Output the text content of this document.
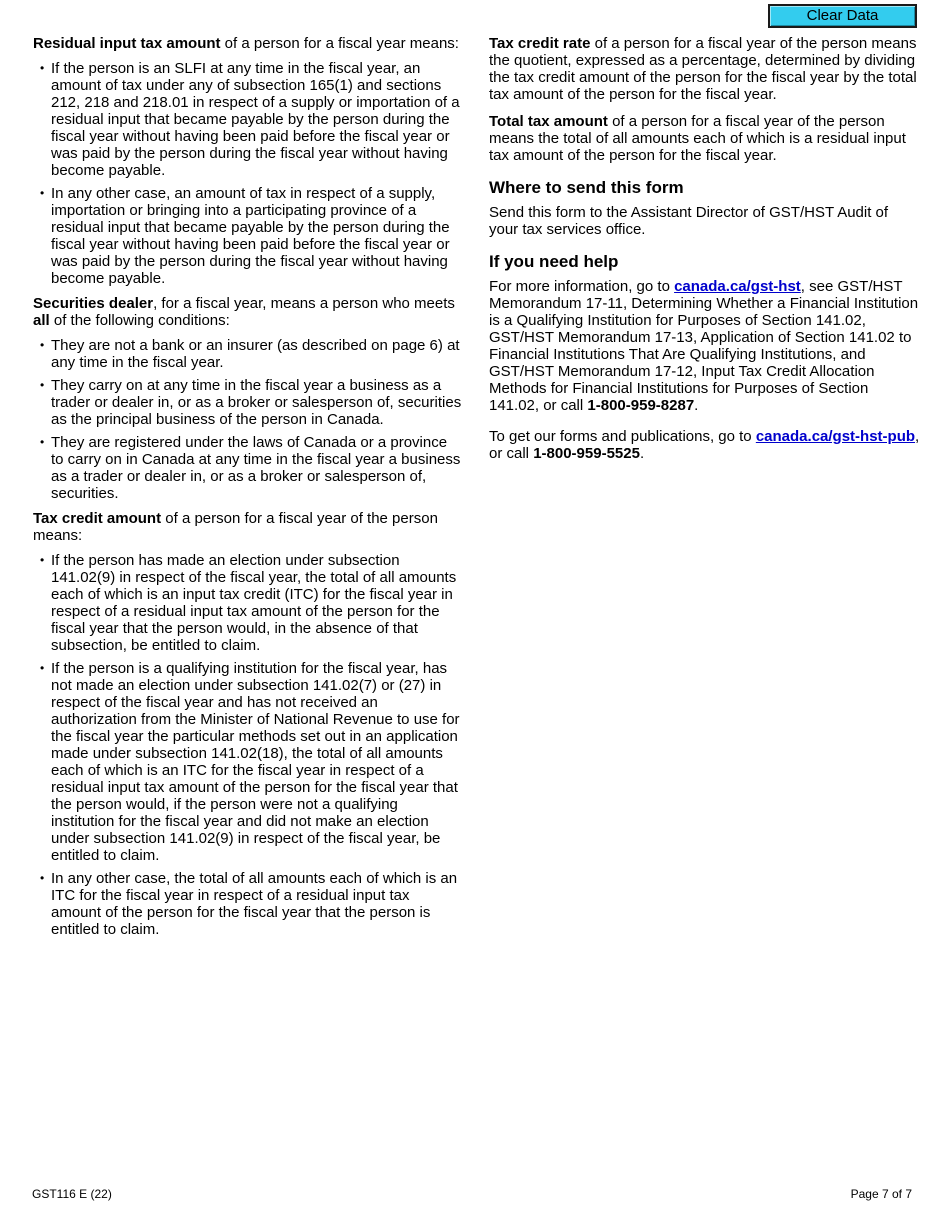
Clear Data

Residual input tax amount of a person for a fiscal year means:

• If the person is an SLFI at any time in the fiscal year, an amount of tax under any of subsection 165(1) and sections 212, 218 and 218.01 in respect of a supply or importation of a residual input that became payable by the person during the fiscal year without having been paid before the fiscal year or was paid by the person during the fiscal year without having become payable.
• In any other case, an amount of tax in respect of a supply, importation or bringing into a participating province of a residual input that became payable by the person during the fiscal year without having been paid before the fiscal year or was paid by the person during the fiscal year without having become payable.

Securities dealer, for a fiscal year, means a person who meets all of the following conditions:

• They are not a bank or an insurer (as described on page 6) at any time in the fiscal year.
• They carry on at any time in the fiscal year a business as a trader or dealer in, or as a broker or salesperson of, securities as the principal business of the person in Canada.
• They are registered under the laws of Canada or a province to carry on in Canada at any time in the fiscal year a business as a trader or dealer in, or as a broker or salesperson of, securities.

Tax credit amount of a person for a fiscal year of the person means:

• If the person has made an election under subsection 141.02(9) in respect of the fiscal year, the total of all amounts each of which is an input tax credit (ITC) for the fiscal year in respect of a residual input tax amount of the person for the fiscal year that the person would, in the absence of that subsection, be entitled to claim.
• If the person is a qualifying institution for the fiscal year, has not made an election under subsection 141.02(7) or (27) in respect of the fiscal year and has not received an authorization from the Minister of National Revenue to use for the fiscal year the particular methods set out in an application made under subsection 141.02(18), the total of all amounts each of which is an ITC for the fiscal year in respect of a residual input tax amount of the person for the fiscal year that the person would, if the person were not a qualifying institution for the fiscal year and did not make an election under subsection 141.02(9) in respect of the fiscal year, be entitled to claim.
• In any other case, the total of all amounts each of which is an ITC for the fiscal year in respect of a residual input tax amount of the person for the fiscal year that the person is entitled to claim.

Tax credit rate of a person for a fiscal year of the person means the quotient, expressed as a percentage, determined by dividing the tax credit amount of the person for the fiscal year by the total tax amount of the person for the fiscal year.

Total tax amount of a person for a fiscal year of the person means the total of all amounts each of which is a residual input tax amount of the person for the fiscal year.

Where to send this form

Send this form to the Assistant Director of GST/HST Audit of your tax services office.

If you need help

For more information, go to canada.ca/gst-hst, see GST/HST Memorandum 17-11, Determining Whether a Financial Institution is a Qualifying Institution for Purposes of Section 141.02, GST/HST Memorandum 17-13, Application of Section 141.02 to Financial Institutions That Are Qualifying Institutions, and GST/HST Memorandum 17-12, Input Tax Credit Allocation Methods for Financial Institutions for Purposes of Section 141.02, or call 1-800-959-8287.

To get our forms and publications, go to canada.ca/gst-hst-pub, or call 1-800-959-5525.

GST116 E (22)	Page 7 of 7
